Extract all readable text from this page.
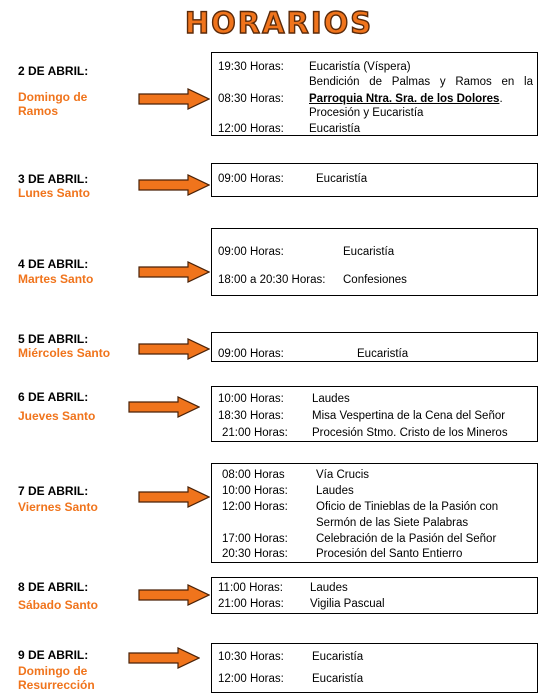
HORARIOS
2 DE ABRIL:
Domingo de Ramos
19:30 Horas: Eucaristía (Víspera)
Bendición de Palmas y Ramos en la
08:30 Horas: Parroquia Ntra. Sra. de los Dolores.
Procesión y Eucaristía
12:00 Horas: Eucaristía
3 DE ABRIL:
Lunes Santo
09:00 Horas:	Eucaristía
4 DE ABRIL:
Martes Santo
09:00 Horas:	Eucaristía
18:00 a 20:30 Horas: Confesiones
5 DE ABRIL:
Miércoles Santo	09:00 Horas:	Eucaristía
6 DE ABRIL:
Jueves Santo
10:00 Horas: Laudes
18:30 Horas: Misa Vespertina de la Cena del Señor
21:00 Horas: Procesión Stmo. Cristo de los Mineros
7 DE ABRIL:
Viernes Santo
08:00 Horas	Vía Crucis
10:00 Horas: Laudes
12:00 Horas: Oficio de Tinieblas de la Pasión con
Sermón de las Siete Palabras
17:00 Horas: Celebración de la Pasión del Señor
20:30 Horas: Procesión del Santo Entierro
8 DE ABRIL:
Sábado Santo
11:00 Horas: Laudes
21:00 Horas: Vigilia Pascual
9 DE ABRIL:
Domingo de Resurrección
10:30 Horas: Eucaristía
12:00 Horas: Eucaristía
